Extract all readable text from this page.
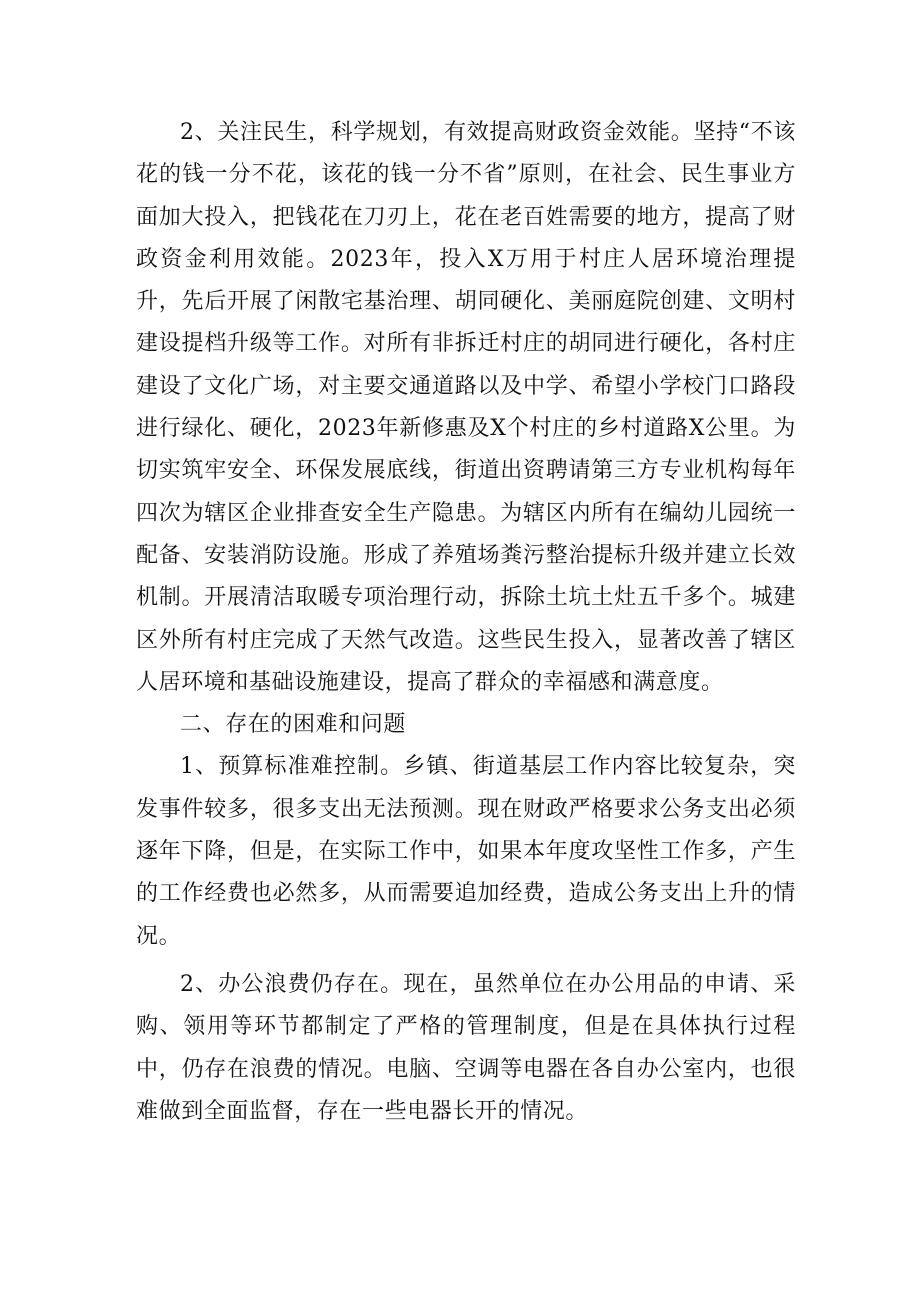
2、关注民生，科学规划，有效提高财政资金效能。坚持“不该花的钱一分不花，该花的钱一分不省”原则，在社会、民生事业方面加大投入，把钱花在刀刃上，花在老百姓需要的地方，提高了财政资金利用效能。2023年，投入X万用于村庄人居环境治理提升，先后开展了闲散宅基治理、胡同硬化、美丽庭院创建、文明村建设提档升级等工作。对所有非拆迁村庄的胡同进行硬化，各村庄建设了文化广场，对主要交通道路以及中学、希望小学校门口路段进行绿化、硬化，2023年新修惠及X个村庄的乡村道路X公里。为切实筑牢安全、环保发展底线，街道出资聘请第三方专业机构每年四次为辖区企业排查安全生产隐患。为辖区内所有在编幼儿园统一配备、安装消防设施。形成了养殖场粪污整治提标升级并建立长效机制。开展清洁取暖专项治理行动，拆除土坑土灶五千多个。城建区外所有村庄完成了天然气改造。这些民生投入，显著改善了辖区人居环境和基础设施建设，提高了群众的幸福感和满意度。

二、存在的困难和问题

1、预算标准难控制。乡镇、街道基层工作内容比较复杂，突发事件较多，很多支出无法预测。现在财政严格要求公务支出必须逐年下降，但是，在实际工作中，如果本年度攻坚性工作多，产生的工作经费也必然多，从而需要追加经费，造成公务支出上升的情况。

2、办公浪费仍存在。现在，虽然单位在办公用品的申请、采购、领用等环节都制定了严格的管理制度，但是在具体执行过程中，仍存在浪费的情况。电脑、空调等电器在各自办公室内，也很难做到全面监督，存在一些电器长开的情况。
